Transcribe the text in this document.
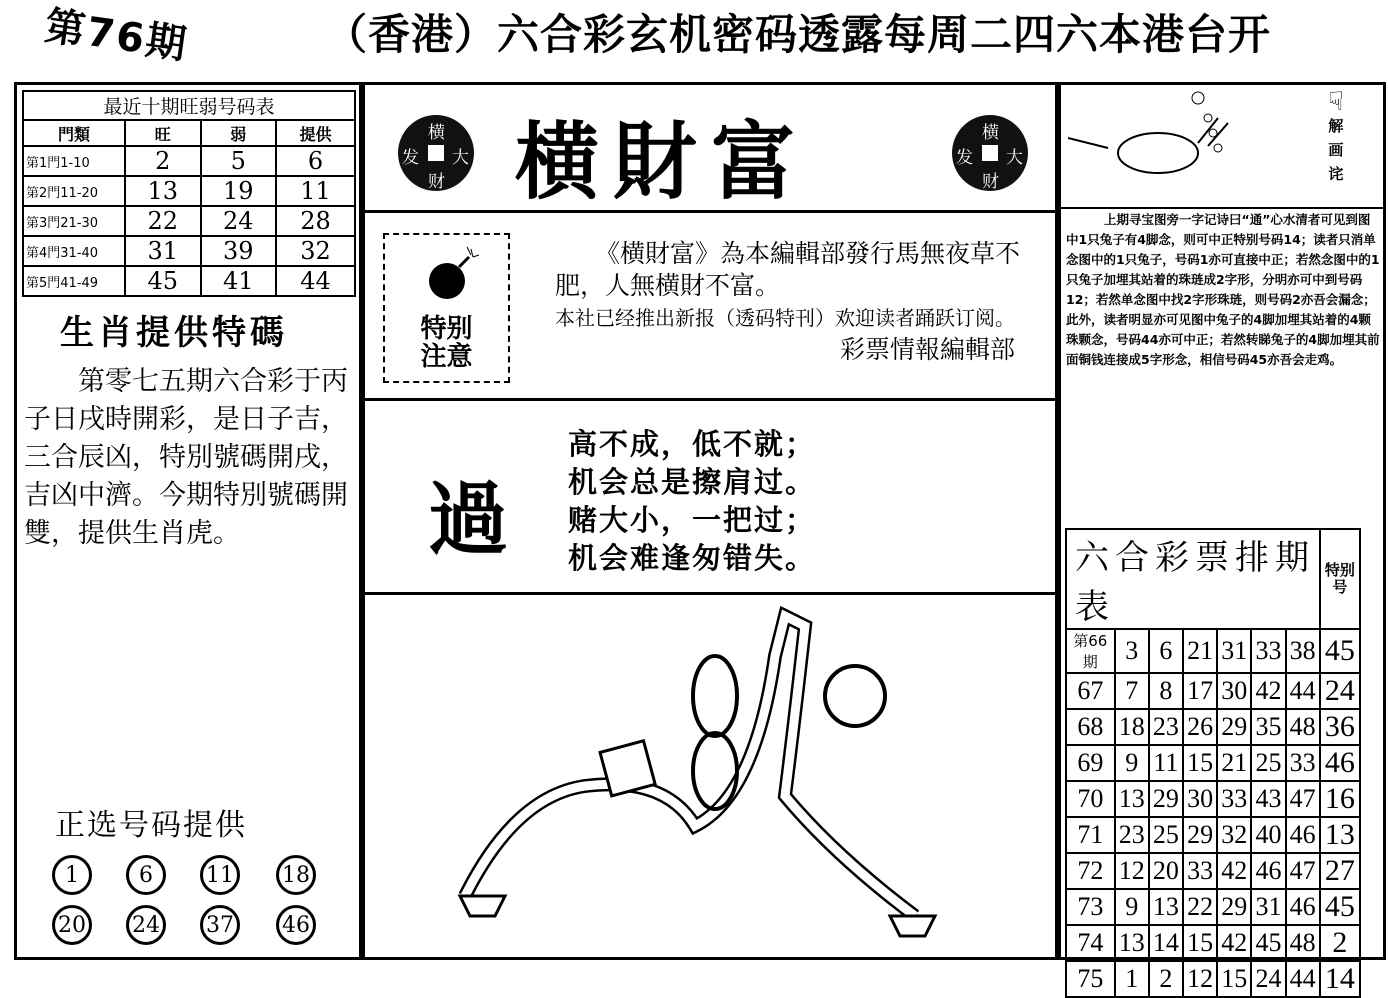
第76期	（香港）六合彩玄机密码透露每周二四六本港台开
最近十期旺弱号码表			
門類	旺	弱	提供
第1門1-10	2	5	6
第2門11-20	13	19	11
第3門21-30	22	24	28
第4門31-40	31	39	32
第5門41-49	45	41	44
生肖提供特碼
第零七五期六合彩于丙子日戌時開彩，是日子吉，三合辰凶，特別號碼開戌，吉凶中濟。今期特別號碼開雙，提供生肖虎。
正选号码提供
1	6	11 18
20 24 37 46
横
发 大
财 横財富	横
发 大
财
特别
注意
《横財富》為本編輯部發行馬無夜草不肥，人無横財不富。
本社已经推出新报（透码特刊）欢迎读者踊跃订阅。
彩票情報編輯部
過
高不成，低不就；
机会总是擦肩过。
赌大小，一把过；
机会难逢匆错失。
☟
解
画
诧
上期寻宝图旁一字记诗曰“通”心水清者可见到图中1只兔子有4脚念，则可中正特别号码14；读者只消单念图中的1只兔子，号码1亦可直接中正；若然念图中的1只兔子加埋其站着的珠琏成2字形，分明亦可中到号码12；若然单念图中找2字形珠琏，则号码2亦吾会漏念；此外，读者明显亦可见图中兔子的4脚加埋其站着的4颗珠颗念，号码44亦可中正；若然转睇兔子的4脚加埋其前面铜钱连接成5字形念，相信号码45亦吾会走鸡。
六合彩票排期表							特别号
第66期	3	6	21	31	33	38	45
67	7	8	17	30	42	44	24
68	18	23	26	29	35	48	36
69	9	11	15	21	25	33	46
70	13	29	30	33	43	47	16
71	23	25	29	32	40	46	13
72	12	20	33	42	46	47	27
73	9	13	22	29	31	46	45
74	13	14	15	42	45	48	2
75	1	2	12	15	24	44	14
